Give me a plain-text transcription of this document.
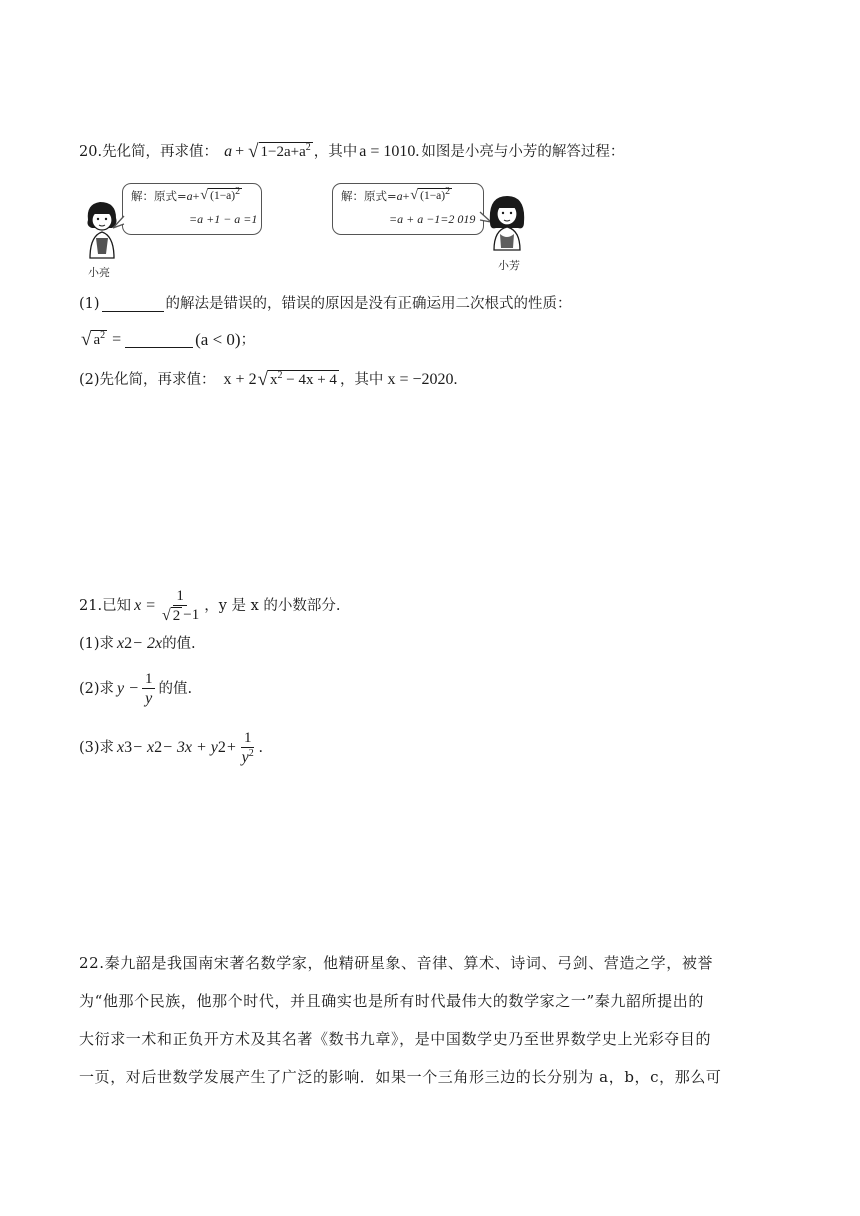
20. 先化简，再求值： a + √ $1-2a+a^2$ ，其中 a = 1010. 如图是小亮与小芳的解答过程：
小亮
解：原式= a + √ $(1-a)^2$
=a +1 − a =1
解：原式= a + √ $(1-a)^2$
=a + a −1=2 019
小芳
(1)	的解法是错误的，错误的原因是没有正确运用二次根式的性质：
√ $a^2$ =	(a < 0) ；
(2) 先化简，再求值： x + 2 √ $x^2 - 4x + 4$ ，其中 x = −2020.
21. 已知 $x = \frac{1}{√ 2 -1}$ ，y 是 x 的小数部分.
(1) 求 x 2 − 2x 的值.
(2) 求 $y - \frac{1}{y}$ 的值.
(3) 求 x 3 − x 2 − 3x + y $2 + \frac{1}{y^2}$ .
22.秦九韶是我国南宋著名数学家，他精研星象、音律、算术、诗词、弓剑、营造之学，被誉
为“他那个民族，他那个时代，并且确实也是所有时代最伟大的数学家之一”秦九韶所提出的
大衍求一术和正负开方术及其名著《数书九章》，是中国数学史乃至世界数学史上光彩夺目的
一页，对后世数学发展产生了广泛的影响．如果一个三角形三边的长分别为 a，b，c，那么可
